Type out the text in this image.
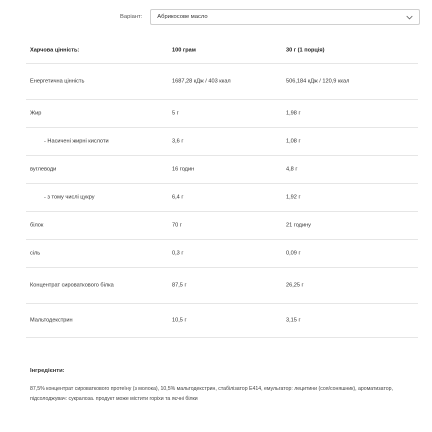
Варіант:	Абрикосове масло
Харчова цінність:	100 грам	30 г (1 порція)
Енергетична цінність	1687,28 кДж / 403 ккал	506,184 кДж / 120,9 ккал
Жир	5 г	1,98 г
- Насичені жирні кислоти	3,6 г	1,08 г
вуглеводи	16 годин	4,8 г
- з тому числі цукру	6,4 г	1,92 г
білок	70 г	21 годину
сіль	0,3 г	0,09 г
Концентрат сироваткового білка	87,5 г	26,25 г
Мальтодекстрин	10,5 г	3,15 г
Інгредієнти:
87,5% концентрат сироваткового протеїну (з молока), 10,5% мальтодекстрин, стабілізатор E414, емульгатор: лецитини (соя/соняшник), ароматизатор, підсолоджувач: сукралоза. продукт може містити горіхи та яєчні білки
